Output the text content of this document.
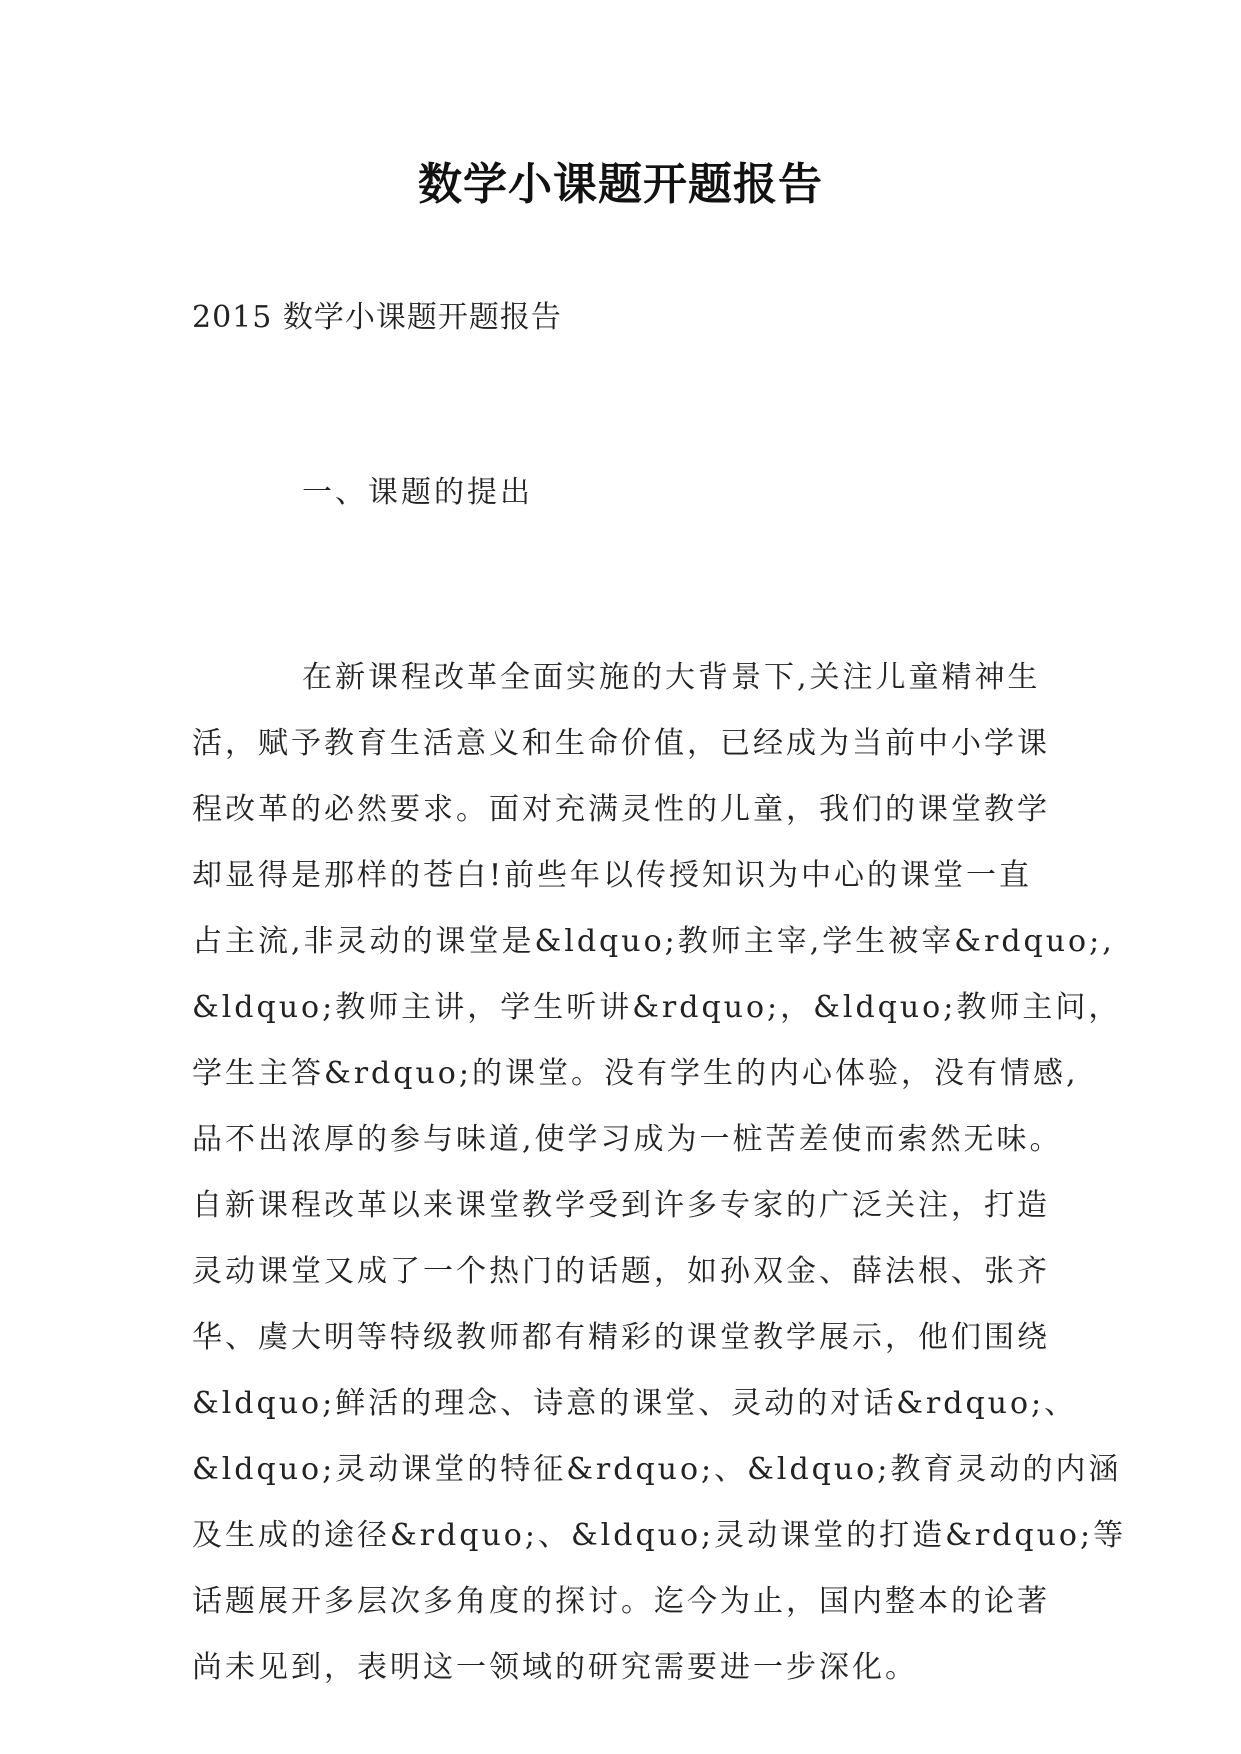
数学小课题开题报告
2015 数学小课题开题报告
一、课题的提出
在新课程改革全面实施的大背景下,关注儿童精神生
活，赋予教育生活意义和生命价值，已经成为当前中小学课
程改革的必然要求。面对充满灵性的儿童，我们的课堂教学
却显得是那样的苍白!前些年以传授知识为中心的课堂一直
占主流,非灵动的课堂是&ldquo;教师主宰,学生被宰&rdquo;,
&ldquo;教师主讲，学生听讲&rdquo;，&ldquo;教师主问，
学生主答&rdquo;的课堂。没有学生的内心体验，没有情感,
品不出浓厚的参与味道,使学习成为一桩苦差使而索然无味。
自新课程改革以来课堂教学受到许多专家的广泛关注，打造
灵动课堂又成了一个热门的话题，如孙双金、薛法根、张齐
华、虞大明等特级教师都有精彩的课堂教学展示，他们围绕
&ldquo;鲜活的理念、诗意的课堂、灵动的对话&rdquo;、
&ldquo;灵动课堂的特征&rdquo;、&ldquo;教育灵动的内涵
及生成的途径&rdquo;、&ldquo;灵动课堂的打造&rdquo;等
话题展开多层次多角度的探讨。迄今为止，国内整本的论著
尚未见到，表明这一领域的研究需要进一步深化。
